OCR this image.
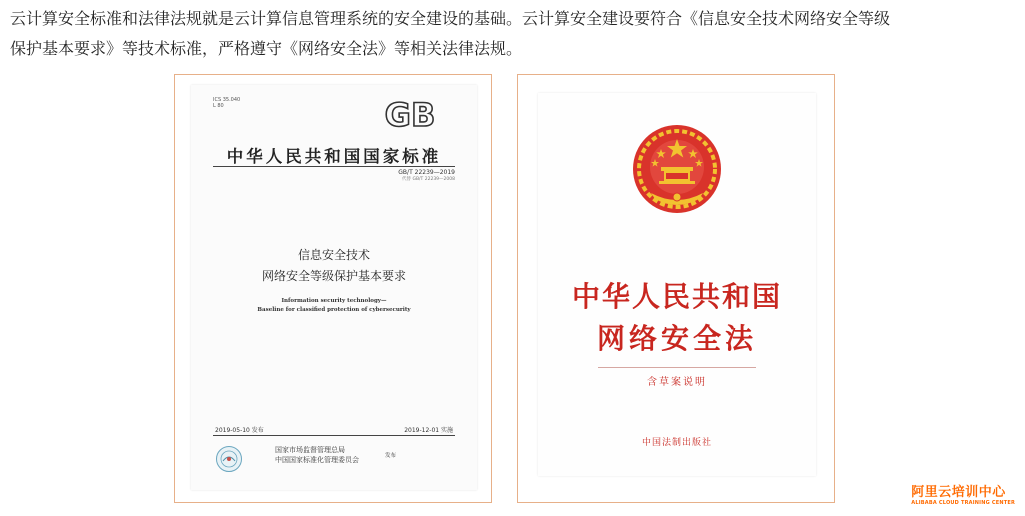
云计算安全标准和法律法规就是云计算信息管理系统的安全建设的基础。云计算安全建设要符合《信息安全技术网络安全等级
保护基本要求》等技术标准，严格遵守《网络安全法》等相关法律法规。
ICS 35.040
L 80	GB
中华人民共和国国家标准
GB/T 22239—2019
代替 GB/T 22239—2008
信息安全技术
网络安全等级保护基本要求
Information security technology—
Baseline for classified protection of cybersecurity
2019-05-10 发布	2019-12-01 实施
国家市场监督管理总局
中国国家标准化管理委员会	发布
中华人民共和国
网络安全法
含草案说明
中国法制出版社
阿里云培训中心
ALIBABA CLOUD TRAINING CENTER
